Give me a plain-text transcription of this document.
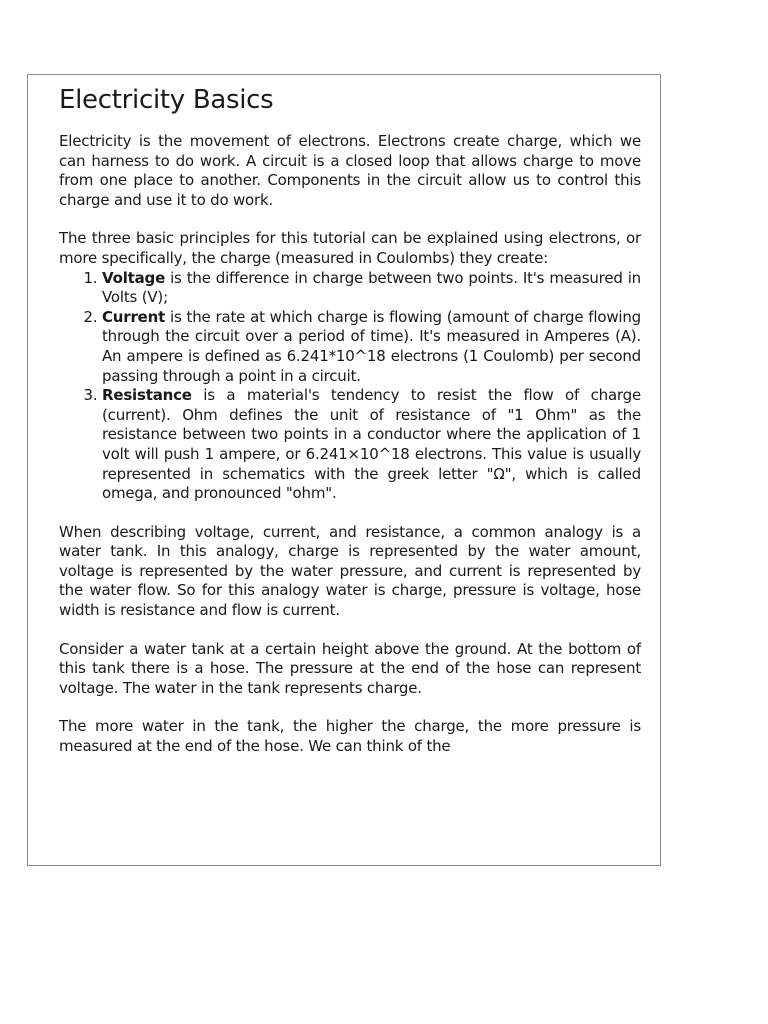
Electricity Basics

Electricity is the movement of electrons. Electrons create charge, which we can harness to do work. A circuit is a closed loop that allows charge to move from one place to another. Components in the circuit allow us to control this charge and use it to do work.

The three basic principles for this tutorial can be explained using electrons, or more specifically, the charge (measured in Coulombs) they create:

1. Voltage is the difference in charge between two points. It's measured in Volts (V);
2. Current is the rate at which charge is flowing (amount of charge flowing through the circuit over a period of time). It's measured in Amperes (A). An ampere is defined as 6.241*10^18 electrons (1 Coulomb) per second passing through a point in a circuit.
3. Resistance is a material's tendency to resist the flow of charge (current). Ohm defines the unit of resistance of "1 Ohm" as the resistance between two points in a conductor where the application of 1 volt will push 1 ampere, or 6.241×10^18 electrons. This value is usually represented in schematics with the greek letter "Ω", which is called omega, and pronounced "ohm".

When describing voltage, current, and resistance, a common analogy is a water tank. In this analogy, charge is represented by the water amount, voltage is represented by the water pressure, and current is represented by the water flow. So for this analogy water is charge, pressure is voltage, hose width is resistance and flow is current.

Consider a water tank at a certain height above the ground. At the bottom of this tank there is a hose. The pressure at the end of the hose can represent voltage. The water in the tank represents charge.

The more water in the tank, the higher the charge, the more pressure is measured at the end of the hose. We can think of the
